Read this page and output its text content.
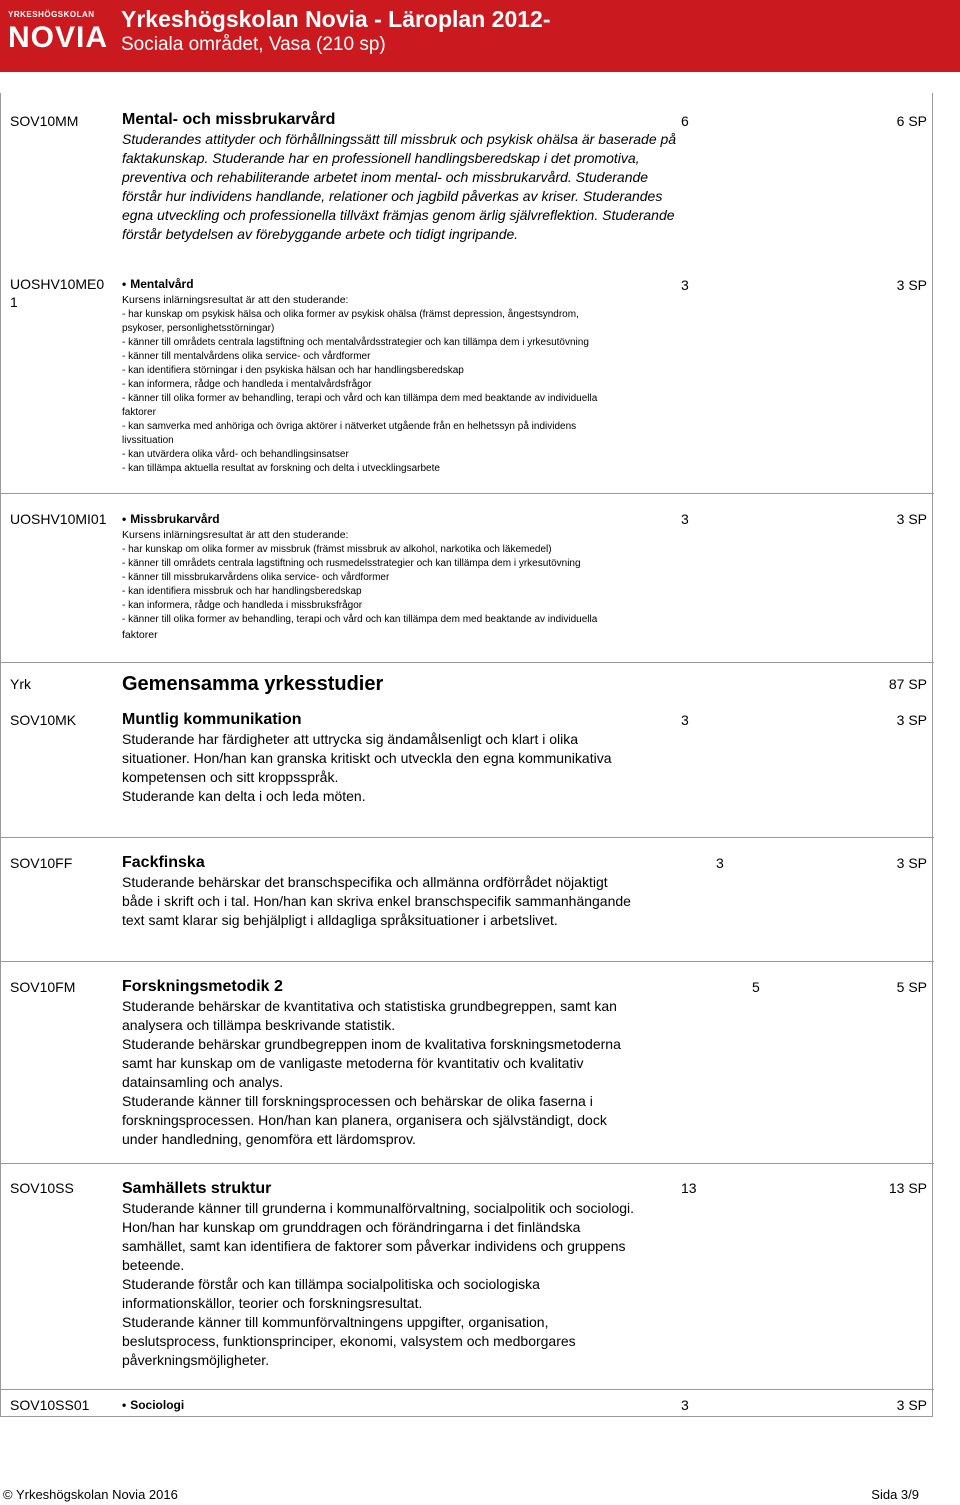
YRKESHÖGSKOLAN
NOVIA
Yrkeshögskolan Novia - Läroplan 2012-
Sociala området, Vasa (210 sp)
SOV10MM	Mental- och missbrukarvård
Studerandes attityder och förhållningssätt till missbruk och psykisk ohälsa är baserade på faktakunskap. Studerande har en professionell handlingsberedskap i det promotiva, preventiva och rehabiliterande arbetet inom mental- och missbrukarvård. Studerande förstår hur individens handlande, relationer och jagbild påverkas av kriser. Studerandes egna utveckling och professionella tillväxt främjas genom ärlig självreflektion. Studerande förstår betydelsen av förebyggande arbete och tidigt ingripande.
6	6 SP
UOSHV10ME0
1
• Mentalvård
Kursens inlärningsresultat är att den studerande:
- har kunskap om psykisk hälsa och olika former av psykisk ohälsa (främst depression, ångestsyndrom,
psykoser, personlighetsstörningar)
- känner till områdets centrala lagstiftning och mentalvårdsstrategier och kan tillämpa dem i yrkesutövning
- känner till mentalvårdens olika service- och vårdformer
- kan identifiera störningar i den psykiska hälsan och har handlingsberedskap
- kan informera, rådge och handleda i mentalvårdsfrågor
- känner till olika former av behandling, terapi och vård och kan tillämpa dem med beaktande av individuella
faktorer
- kan samverka med anhöriga och övriga aktörer i nätverket utgående från en helhetssyn på individens
livssituation
- kan utvärdera olika vård- och behandlingsinsatser
- kan tillämpa aktuella resultat av forskning och delta i utvecklingsarbete
3	3 SP
UOSHV10MI01 • Missbrukarvård
Kursens inlärningsresultat är att den studerande:
- har kunskap om olika former av missbruk (främst missbruk av alkohol, narkotika och läkemedel)
- känner till områdets centrala lagstiftning och rusmedelsstrategier och kan tillämpa dem i yrkesutövning
- känner till missbrukarvårdens olika service- och vårdformer
- kan identifiera missbruk och har handlingsberedskap
- kan informera, rådge och handleda i missbruksfrågor
- känner till olika former av behandling, terapi och vård och kan tillämpa dem med beaktande av individuella
faktorer
3	3 SP
Yrk	Gemensamma yrkesstudier	87 SP
SOV10MK	Muntlig kommunikation
Studerande har färdigheter att uttrycka sig ändamålsenligt och klart i olika
situationer. Hon/han kan granska kritiskt och utveckla den egna kommunikativa
kompetensen och sitt kroppsspråk.
Studerande kan delta i och leda möten.
3	3 SP
SOV10FF	Fackfinska
Studerande behärskar det branschspecifika och allmänna ordförrådet nöjaktigt
både i skrift och i tal. Hon/han kan skriva enkel branschspecifik sammanhängande
text samt klarar sig behjälpligt i alldagliga språksituationer i arbetslivet.
3	3 SP
SOV10FM	Forskningsmetodik 2
Studerande behärskar de kvantitativa och statistiska grundbegreppen, samt kan
analysera och tillämpa beskrivande statistik.
Studerande behärskar grundbegreppen inom de kvalitativa forskningsmetoderna
samt har kunskap om de vanligaste metoderna för kvantitativ och kvalitativ
datainsamling och analys.
Studerande känner till forskningsprocessen och behärskar de olika faserna i
forskningsprocessen. Hon/han kan planera, organisera och självständigt, dock
under handledning, genomföra ett lärdomsprov.
5	5 SP
SOV10SS	Samhällets struktur
Studerande känner till grunderna i kommunalförvaltning, socialpolitik och sociologi.
Hon/han har kunskap om grunddragen och förändringarna i det finländska
samhället, samt kan identifiera de faktorer som påverkar individens och gruppens
beteende.
Studerande förstår och kan tillämpa socialpolitiska och sociologiska
informationskällor, teorier och forskningsresultat.
Studerande känner till kommunförvaltningens uppgifter, organisation,
beslutsprocess, funktionsprinciper, ekonomi, valsystem och medborgares
påverkningsmöjligheter.
13	13 SP
SOV10SS01	• Sociologi	3	3 SP
© Yrkeshögskolan Novia 2016	Sida 3/9
